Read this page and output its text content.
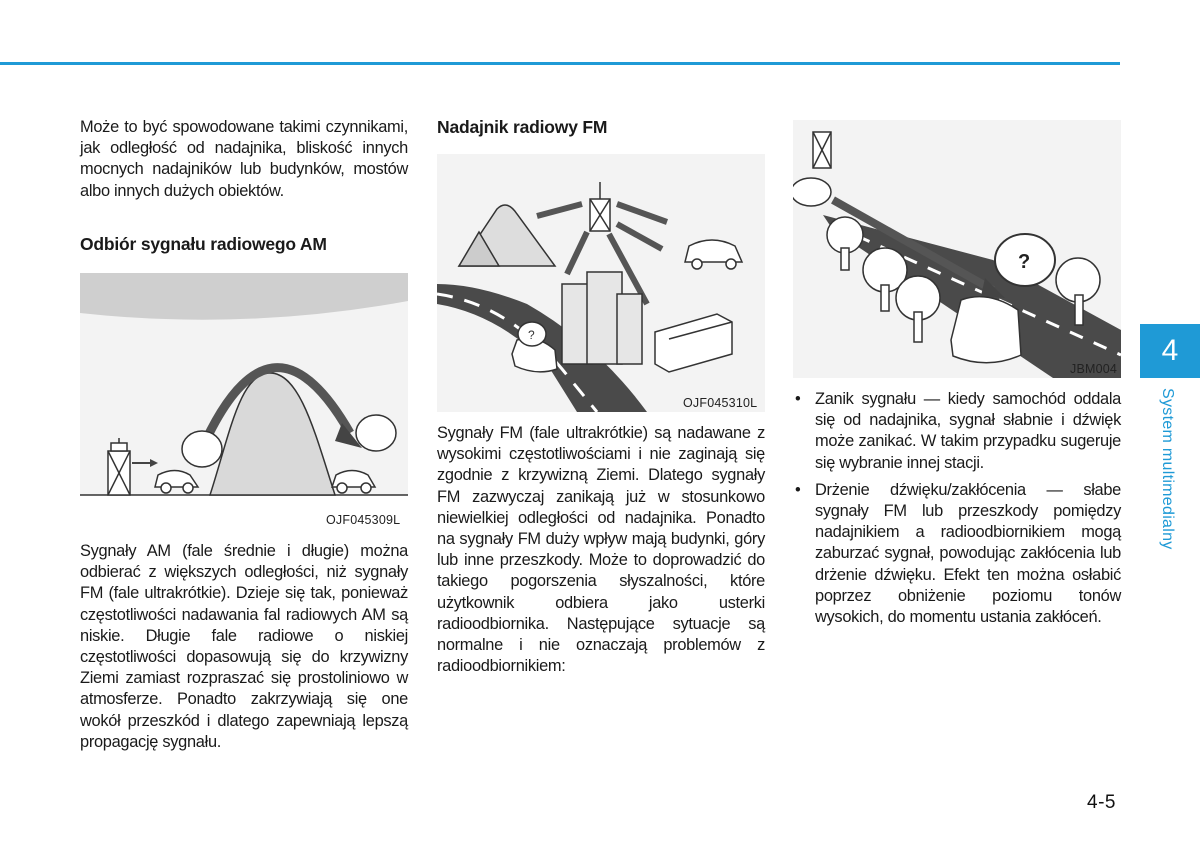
Może to być spowodowane takimi czynnikami, jak odległość od nadajnika, bliskość innych mocnych nadajników lub budynków, mostów albo innych dużych obiektów.

Odbiór sygnału radiowego AM
OJF045309L

Sygnały AM (fale średnie i długie) można odbierać z większych odległości, niż sygnały FM (fale ultrakrótkie). Dzieje się tak, ponieważ częstotliwości nadawania fal radiowych AM są niskie. Długie fale radiowe o niskiej częstotliwości dopasowują się do krzywizny Ziemi zamiast rozpraszać się prostoliniowo w atmosferze. Ponadto zakrzywiają się one wokół przeszkód i dlatego zapewniają lepszą propagację sygnału.

Nadajnik radiowy FM
?
OJF045310L

Sygnały FM (fale ultrakrótkie) są nadawane z wysokimi częstotliwościami i nie zaginają się zgodnie z krzywizną Ziemi. Dlatego sygnały FM zazwyczaj zanikają już w stosunkowo niewielkiej odległości od nadajnika. Ponadto na sygnały FM duży wpływ mają budynki, góry lub inne przeszkody. Może to doprowadzić do takiego pogorszenia słyszalności, które użytkownik odbiera jako usterki radioodbiornika. Następujące sytuacje są normalne i nie oznaczają problemów z radioodbiornikiem:

?
JBM004
• Zanik sygnału — kiedy samochód oddala się od nadajnika, sygnał słabnie i dźwięk może zanikać. W takim przypadku sugeruje się wybranie innej stacji.
• Drżenie dźwięku/zakłócenia — słabe sygnały FM lub przeszkody pomiędzy nadajnikiem a radioodbiornikiem mogą zaburzać sygnał, powodując zakłócenia lub drżenie dźwięku. Efekt ten można osłabić poprzez obniżenie poziomu tonów wysokich, do momentu ustania zakłóceń.
4
System multimedialny
4-5
